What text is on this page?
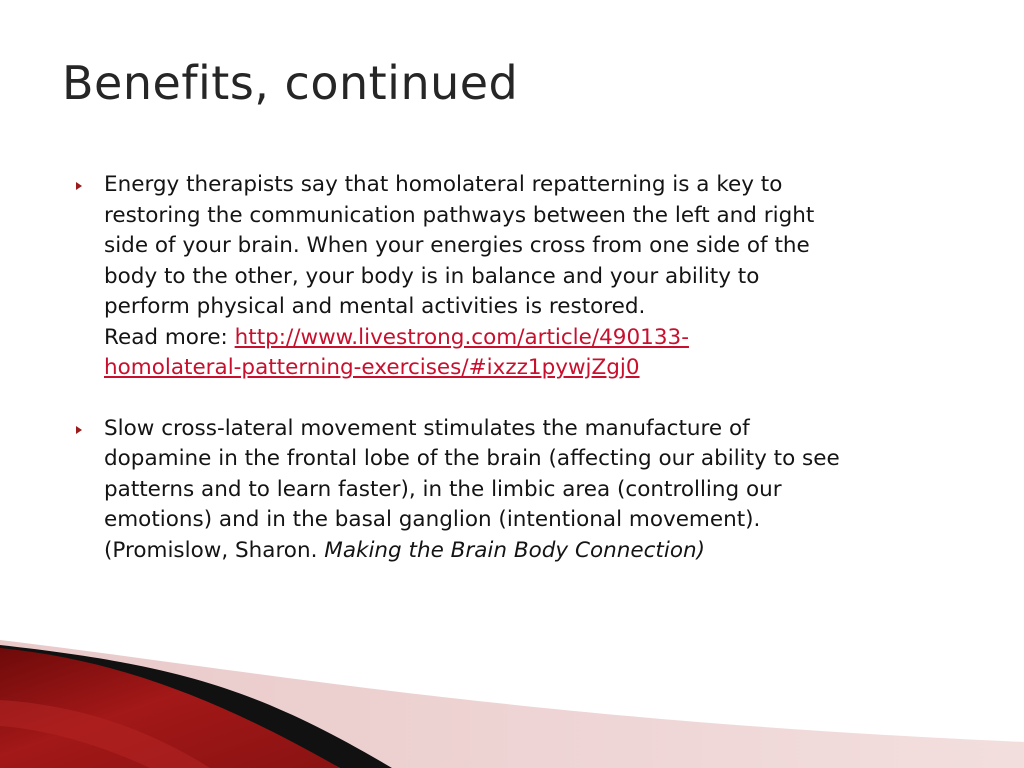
Benefits, continued
Energy therapists say that homolateral repatterning is a key to
restoring the communication pathways between the left and right
side of your brain. When your energies cross from one side of the
body to the other, your body is in balance and your ability to
perform physical and mental activities is restored.
Read more: http://www.livestrong.com/article/490133-
homolateral-patterning-exercises/#ixzz1pywjZgj0
Slow cross-lateral movement stimulates the manufacture of
dopamine in the frontal lobe of the brain (affecting our ability to see
patterns and to learn faster), in the limbic area (controlling our
emotions) and in the basal ganglion (intentional movement).
(Promislow, Sharon. Making the Brain Body Connection)
